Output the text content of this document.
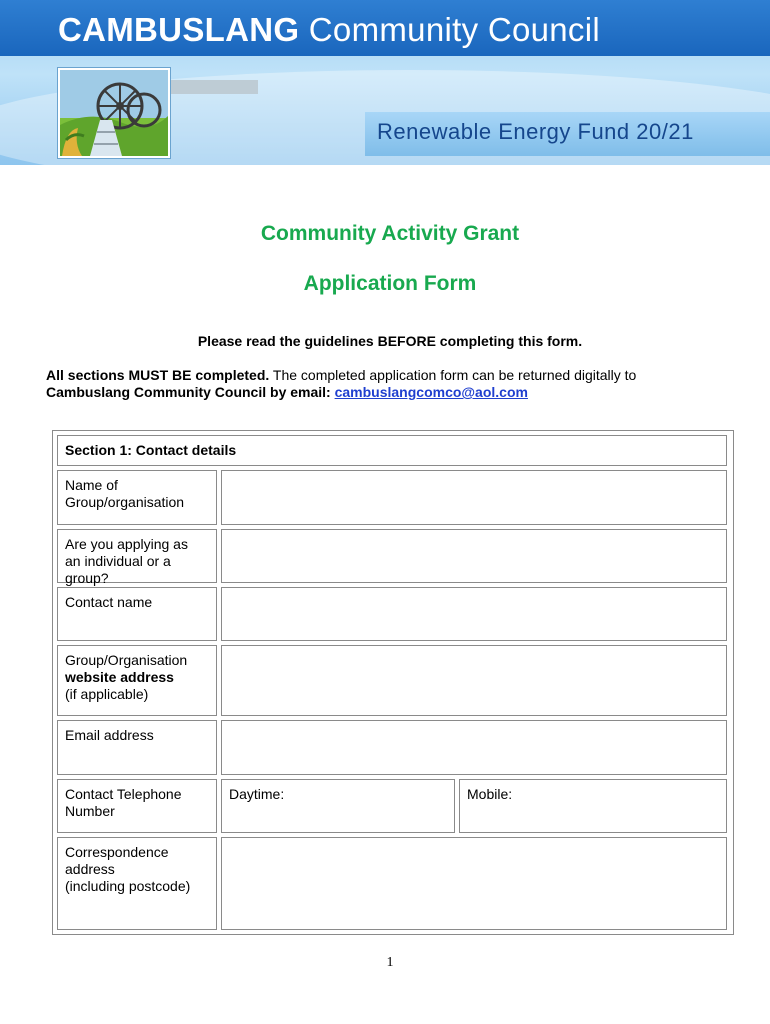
CAMBUSLANG Community Council
Renewable Energy Fund 20/21
Community Activity Grant
Application Form
Please read the guidelines BEFORE completing this form.
All sections MUST BE completed. The completed application form can be returned digitally to
Cambuslang Community Council by email: cambuslangcomco@aol.com
Section 1: Contact details
Name of
Group/organisation
Are you applying as
an individual or a
group?
Contact name
Group/Organisation
website address
(if applicable)
Email address
Contact Telephone
Number
Daytime:	Mobile:
Correspondence
address
(including postcode)
1
